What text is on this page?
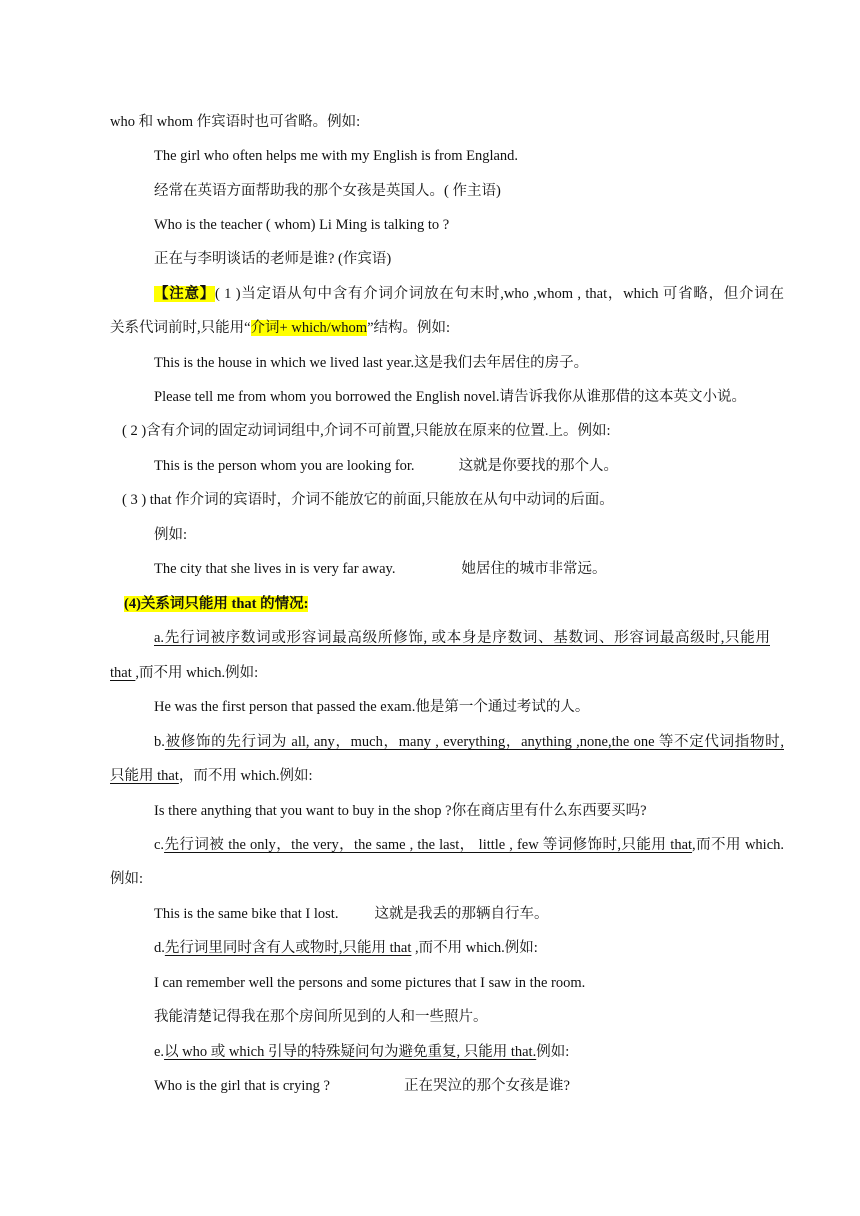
who 和 whom 作宾语时也可省略。例如:
The girl who often helps me with my English is from England.
经常在英语方面帮助我的那个女孩是英国人。( 作主语)
Who is the teacher ( whom) Li Ming is talking to ?
正在与李明谈话的老师是谁? (作宾语)
【注意】( 1 )当定语从句中含有介词介词放在句末时,who ,whom , that，which 可省略，但介词在
关系代词前时,只能用“介词+ which/whom”结构。例如:
This is the house in which we lived last year.这是我们去年居住的房子。
Please tell me from whom you borrowed the English novel.请告诉我你从谁那借的这本英文小说。
( 2 )含有介词的固定动词词组中,介词不可前置,只能放在原来的位置.上。例如:
This is the person whom you are looking for.	这就是你要找的那个人。
( 3 ) that 作介词的宾语时，介词不能放它的前面,只能放在从句中动词的后面。
例如:
The city that she lives in is very far away.	她居住的城市非常远。
(4)关系词只能用 that 的情况:
a.先行词被序数词或形容词最高级所修饰, 或本身是序数词、基数词、形容词最高级时,只能用
that ,而不用 which.例如:
He was the first person that passed the exam.他是第一个通过考试的人。
b.被修饰的先行词为 all, any，much，many , everything，anything ,none,the one 等不定代词指物时,
只能用 that，而不用 which.例如:
Is there anything that you want to buy in the shop ?你在商店里有什么东西要买吗?
c.先行词被 the only，the very，the same , the last， little , few 等词修饰时,只能用 that,而不用 which.
例如:
This is the same bike that I lost. 这就是我丢的那辆自行车。
d.先行词里同时含有人或物时,只能用 that ,而不用 which.例如:
I can remember well the persons and some pictures that I saw in the room.
我能清楚记得我在那个房间所见到的人和一些照片。
e.以 who 或 which 引导的特殊疑问句为避免重复, 只能用 that.例如:
Who is the girl that is crying ?	正在哭泣的那个女孩是谁?
